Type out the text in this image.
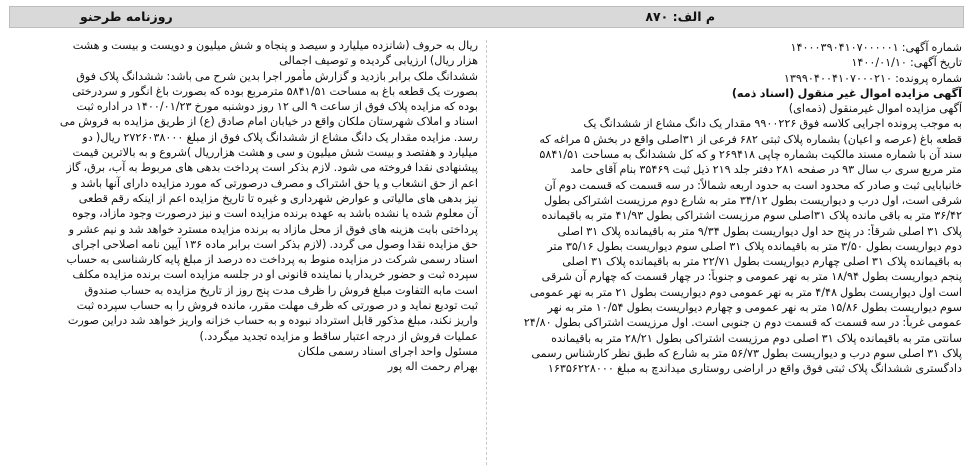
م الف: ۸۷۰
روزنامه طرحنو
شماره آگهی: ۱۴۰۰۰۳۹۰۴۱۰۷۰۰۰۰۰۱
تاریخ آگهی: ۱۴۰۰/۰۱/۱۰
شماره پرونده: ۱۳۹۹۰۴۰۰۴۱۰۷۰۰۰۲۱۰
آگهی مزایده اموال غیر منقول (اسناد ذمه)
آگهی مزایده اموال غیرمنقول (ذمه‌ای)
به موجب پرونده اجرایی کلاسه فوق ۹۹۰۰۲۲۶ مقدار یک دانگ مشاع از ششدانگ یک
قطعه باغ (عرصه و اعیان) بشماره پلاک ثبتی ۶۸۲ فرعی از ۳۱اصلی واقع در بخش ۵ مراغه که
سند آن با شماره مسند مالکیت بشماره چاپی ۲۶۹۴۱۸ و که کل ششدانگ به مساحت ۵۸۴۱/۵۱
متر مربع سری ب سال ۹۳ در صفحه ۲۸۱ دفتر جلد ۲۱۹ ذیل ثبت ۳۵۴۶۹ بنام آقای حامد
خانبابایی ثبت و صادر که محدود است به حدود اربعه شمالاً: در سه قسمت که قسمت دوم آن
شرقی است، اول درب و دیواریست بطول ۳۴/۱۲ متر به شارع دوم مرزیست اشتراکی بطول
۳۶/۴۲ متر به باقی مانده پلاک ۳۱اصلی سوم مرزیست اشتراکی بطول ۴۱/۹۳ متر به باقیمانده
پلاک ۳۱ اصلی شرقاً: در پنج حد اول دیواریست بطول ۹/۳۴ متر به باقیمانده پلاک ۳۱ اصلی
دوم دیواریست بطول ۳/۵۰ متر به باقیمانده پلاک ۳۱ اصلی سوم دیواریست بطول ۳۵/۱۶ متر
به باقیمانده پلاک ۳۱ اصلی چهارم دیواریست بطول ۲۲/۷۱ متر به باقیمانده پلاک ۳۱ اصلی
پنجم دیواریست بطول ۱۸/۹۴ متر به نهر عمومی و جنوباً: در چهار قسمت که چهارم آن شرقی
است اول دیواریست بطول ۴/۴۸ متر به نهر عمومی دوم دیواریست بطول ۲۱ متر به نهر عمومی
سوم دیواریست بطول ۱۵/۸۶ متر به نهر عمومی و چهارم دیواریست بطول ۱۰/۵۴ متر به نهر
عمومی غرباً: در سه قسمت که قسمت دوم ن جنوبی است. اول مرزیست اشتراکی بطول ۲۴/۸۰
سانتی متر به باقیمانده پلاک ۳۱ اصلی دوم مرزیست اشتراکی بطول ۲۸/۲۱ متر به باقیمانده
پلاک ۳۱ اصلی سوم درب و دیواریست بطول ۵۶/۷۳ متر به شارع که طبق نظر کارشناس رسمی
دادگستری ششدانگ پلاک ثبتی فوق واقع در اراضی روستاری میداندچ به مبلغ ۱۶۳۵۶۲۲۸۰۰۰
ریال به حروف (شانزده میلیارد و سیصد و پنجاه و شش میلیون و دویست و بیست و هشت
هزار ریال) ارزیابی گردیده و توصیف اجمالی
ششدانگ ملک برابر بازدید و گزارش مأمور اجرا بدین شرح می باشد: ششدانگ پلاک فوق
بصورت یک قطعه باغ به مساحت ۵۸۴۱/۵۱ مترمربع بوده که بصورت باغ انگور و سردرختی
بوده که مزایده پلاک فوق از ساعت ۹ الی ۱۲ روز دوشنبه مورخ ۱۴۰۰/۰۱/۲۳ در اداره ثبت
اسناد و املاک شهرستان ملکان واقع در خیابان امام صادق (ع) از طریق مزایده به فروش می
رسد. مزایده مقدار یک دانگ مشاع از ششدانگ پلاک فوق از مبلغ ۲۷۲۶۰۳۸۰۰۰ ریال( دو
میلیارد و هفتصد و بیست شش میلیون و سی و هشت هزارریال )شروع و به بالاترین قیمت
پیشنهادی نقدا فروخته می شود. لازم بذکر است پرداخت بدهی های مربوط به آب، برق، گاز
اعم از حق انشعاب و یا حق اشتراک و مصرف درصورتی که مورد مزایده دارای آنها باشد و
نیز بدهی های مالیاتی و عوارض شهرداری و غیره تا تاریخ مزایده اعم از اینکه رقم قطعی
آن معلوم شده یا نشده باشد به عهده برنده مزایده است و نیز درصورت وجود مازاد، وجوه
پرداختی بابت هزینه های فوق از محل مازاد به برنده مزایده مسترد خواهد شد و نیم عشر و
حق مزایده نقدا وصول می گردد. (لازم بذکر است برابر ماده ۱۳۶ آیین نامه اصلاحی اجرای
اسناد رسمی شرکت در مزایده منوط به پرداخت ده درصد از مبلغ پایه کارشناسی به حساب
سپرده ثبت و حضور خریدار یا نماینده قانونی او در جلسه مزایده است برنده مزایده مکلف
است مابه التفاوت مبلغ فروش را ظرف مدت پنج روز از تاریخ مزایده به حساب صندوق
ثبت تودیع نماید و در صورتی که ظرف مهلت مقرر، مانده فروش را به حساب سپرده ثبت
واریز نکند، مبلغ مذکور قابل استرداد نبوده و به حساب خزانه واریز خواهد شد دراین صورت
عملیات فروش از درجه اعتبار ساقط و مزایده تجدید میگردد.)
مسئول واحد اجرای اسناد رسمی ملکان
بهرام رحمت اله پور
